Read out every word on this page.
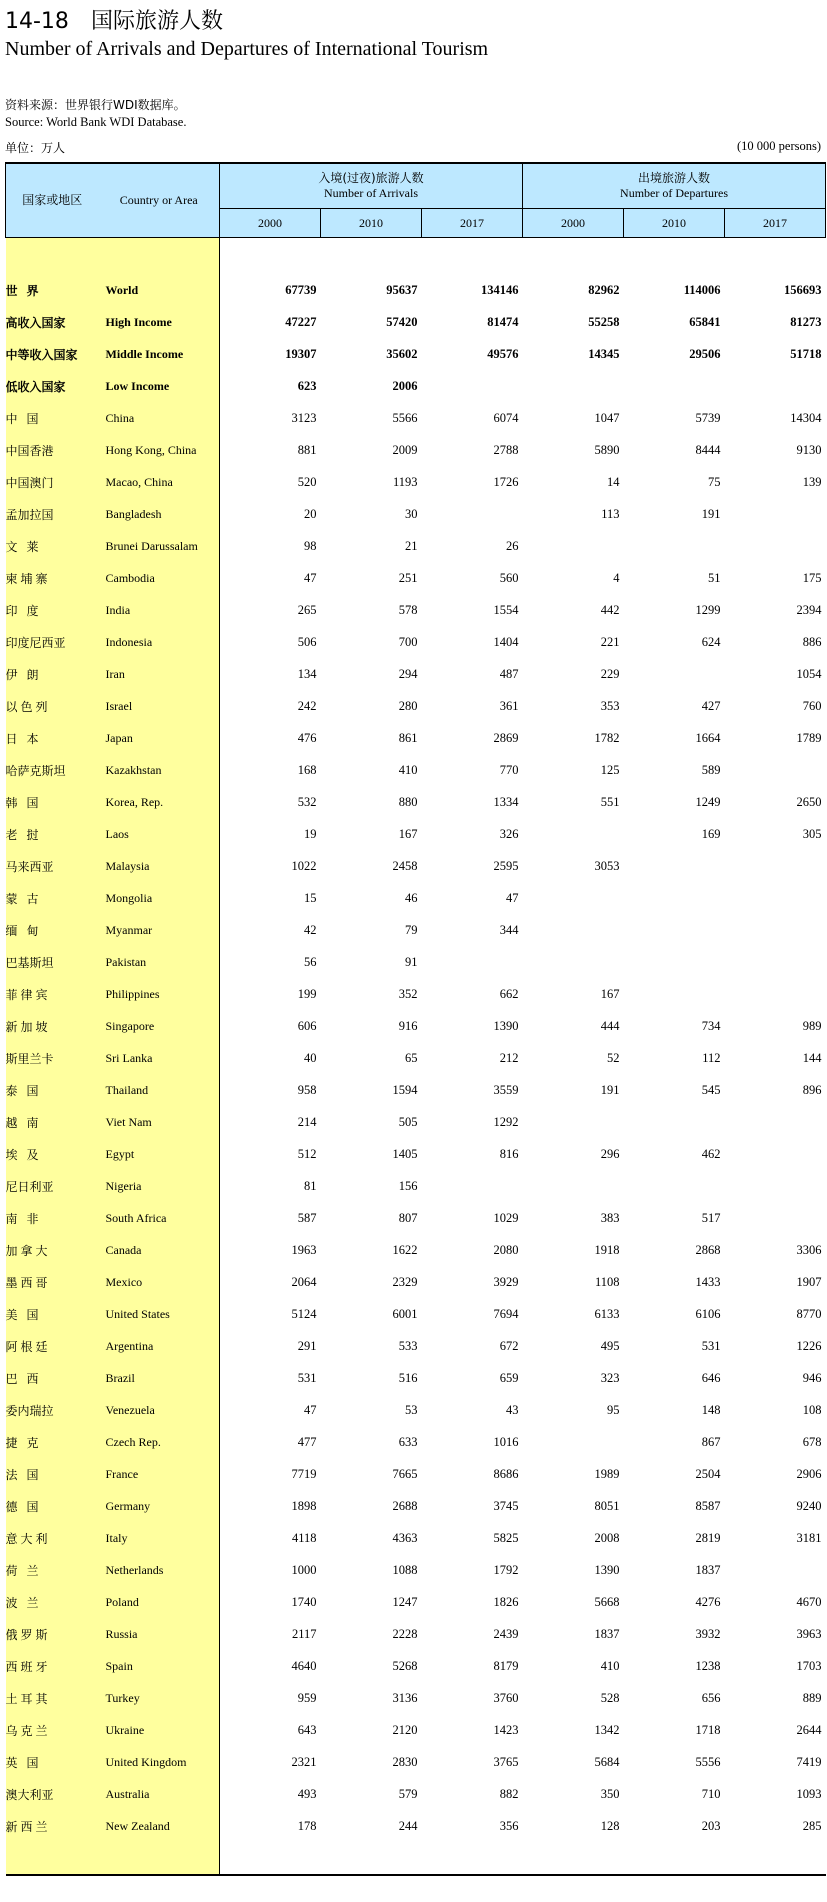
14-18 国际旅游人数
Number of Arrivals and Departures of International Tourism
资料来源：世界银行WDI数据库。
Source: World Bank WDI Database.
单位：万人	(10 000 persons)
国家或地区	Country or Area	入境(过夜)旅游人数
Number of Arrivals			出境旅游人数
Number of Departures		

		2000	2010	2017	2000	2010	2017

世界	World	67739	95637	134146	82962	114006	156693
高收入国家	High Income	47227	57420	81474	55258	65841	81273
中等收入国家	Middle Income	19307	35602	49576	14345	29506	51718
低收入国家	Low Income	623	2006				
中国	China	3123	5566	6074	1047	5739	14304
中国香港	Hong Kong, China	881	2009	2788	5890	8444	9130
中国澳门	Macao, China	520	1193	1726	14	75	139
孟加拉国	Bangladesh	20	30		113	191	
文莱	Brunei Darussalam	98	21	26			
柬埔寨	Cambodia	47	251	560	4	51	175
印度	India	265	578	1554	442	1299	2394
印度尼西亚	Indonesia	506	700	1404	221	624	886
伊朗	Iran	134	294	487	229		1054
以色列	Israel	242	280	361	353	427	760
日本	Japan	476	861	2869	1782	1664	1789
哈萨克斯坦	Kazakhstan	168	410	770	125	589	
韩国	Korea, Rep.	532	880	1334	551	1249	2650
老挝	Laos	19	167	326		169	305
马来西亚	Malaysia	1022	2458	2595	3053		
蒙古	Mongolia	15	46	47			
缅甸	Myanmar	42	79	344			
巴基斯坦	Pakistan	56	91				
菲律宾	Philippines	199	352	662	167		
新加坡	Singapore	606	916	1390	444	734	989
斯里兰卡	Sri Lanka	40	65	212	52	112	144
泰国	Thailand	958	1594	3559	191	545	896
越南	Viet Nam	214	505	1292			
埃及	Egypt	512	1405	816	296	462	
尼日利亚	Nigeria	81	156				
南非	South Africa	587	807	1029	383	517	
加拿大	Canada	1963	1622	2080	1918	2868	3306
墨西哥	Mexico	2064	2329	3929	1108	1433	1907
美国	United States	5124	6001	7694	6133	6106	8770
阿根廷	Argentina	291	533	672	495	531	1226
巴西	Brazil	531	516	659	323	646	946
委内瑞拉	Venezuela	47	53	43	95	148	108
捷克	Czech Rep.	477	633	1016		867	678
法国	France	7719	7665	8686	1989	2504	2906
德国	Germany	1898	2688	3745	8051	8587	9240
意大利	Italy	4118	4363	5825	2008	2819	3181
荷兰	Netherlands	1000	1088	1792	1390	1837	
波兰	Poland	1740	1247	1826	5668	4276	4670
俄罗斯	Russia	2117	2228	2439	1837	3932	3963
西班牙	Spain	4640	5268	8179	410	1238	1703
土耳其	Turkey	959	3136	3760	528	656	889
乌克兰	Ukraine	643	2120	1423	1342	1718	2644
英国	United Kingdom	2321	2830	3765	5684	5556	7419
澳大利亚	Australia	493	579	882	350	710	1093
新西兰	New Zealand	178	244	356	128	203	285
